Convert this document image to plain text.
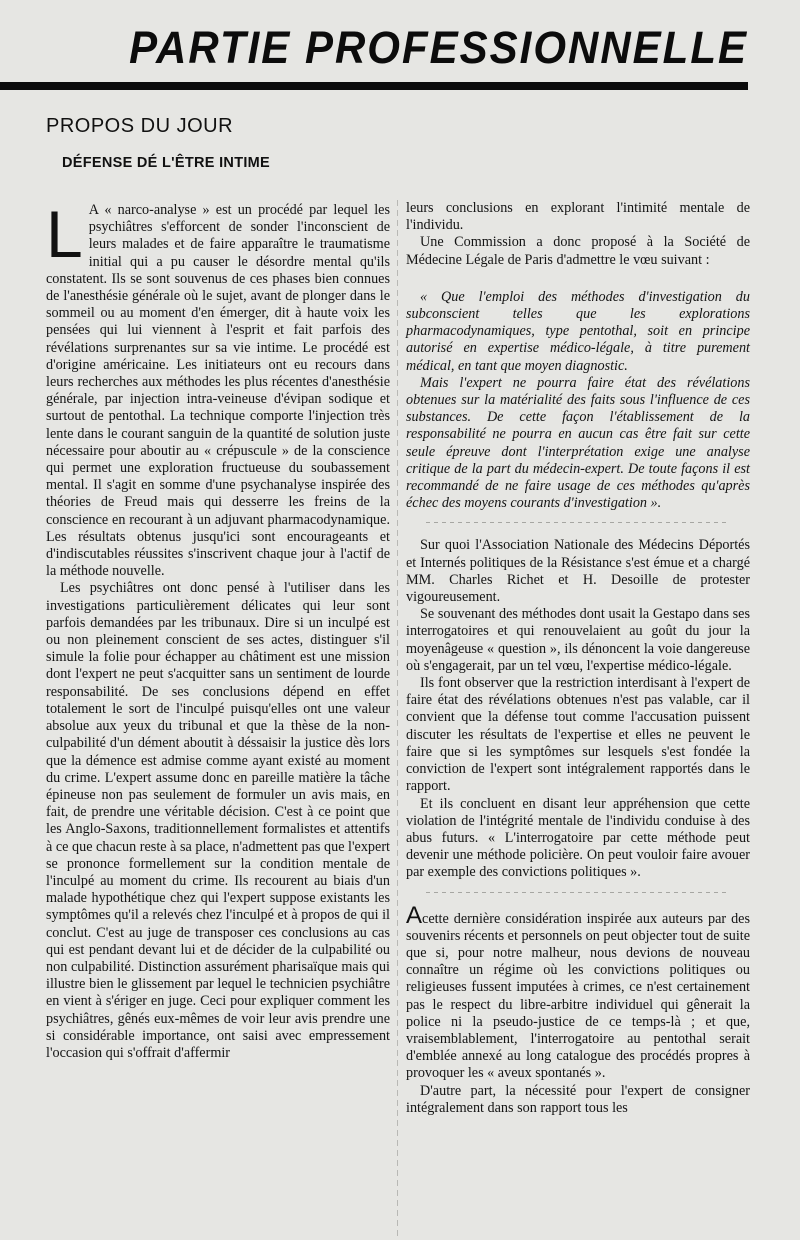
PARTIE PROFESSIONNELLE
PROPOS DU JOUR
DÉFENSE DÉ L'ÊTRE INTIME

L A « narco-analyse » est un procédé par lequel les psychiâtres s'efforcent de sonder l'inconscient de leurs malades et de faire apparaître le traumatisme initial qui a pu causer le désordre mental qu'ils constatent. Ils se sont souvenus de ces phases bien connues de l'anesthésie générale où le sujet, avant de plonger dans le sommeil ou au moment d'en émerger, dit à haute voix les pensées qui lui viennent à l'esprit et fait parfois des révélations surprenantes sur sa vie intime. Le procédé est d'origine américaine. Les initiateurs ont eu recours dans leurs recherches aux méthodes les plus récentes d'anesthésie générale, par injection intra-veineuse d'évipan sodique et surtout de pentothal. La technique comporte l'injection très lente dans le courant sanguin de la quantité de solution juste nécessaire pour aboutir au « crépuscule » de la conscience qui permet une exploration fructueuse du soubassement mental. Il s'agit en somme d'une psychanalyse inspirée des théories de Freud mais qui desserre les freins de la conscience en recourant à un adjuvant pharmacodynamique. Les résultats obtenus jusqu'ici sont encourageants et d'indiscutables réussites s'inscrivent chaque jour à l'actif de la méthode nouvelle.

Les psychiâtres ont donc pensé à l'utiliser dans les investigations particulièrement délicates qui leur sont parfois demandées par les tribunaux. Dire si un inculpé est ou non pleinement conscient de ses actes, distinguer s'il simule la folie pour échapper au châtiment est une mission dont l'expert ne peut s'acquitter sans un sentiment de lourde responsabilité. De ses conclusions dépend en effet totalement le sort de l'inculpé puisqu'elles ont une valeur absolue aux yeux du tribunal et que la thèse de la non-culpabilité d'un dément aboutit à déssaisir la justice dès lors que la démence est admise comme ayant existé au moment du crime. L'expert assume donc en pareille matière la tâche épineuse non pas seulement de formuler un avis mais, en fait, de prendre une véritable décision. C'est à ce point que les Anglo-Saxons, traditionnellement formalistes et attentifs à ce que chacun reste à sa place, n'admettent pas que l'expert se prononce formellement sur la condition mentale de l'inculpé au moment du crime. Ils recourent au biais d'un malade hypothétique chez qui l'expert suppose existants les symptômes qu'il a relevés chez l'inculpé et à propos de qui il conclut. C'est au juge de transposer ces conclusions au cas qui est pendant devant lui et de décider de la culpabilité ou non culpabilité. Distinction assurément pharisaïque mais qui illustre bien le glissement par lequel le technicien psychiâtre en vient à s'ériger en juge. Ceci pour expliquer comment les psychiâtres, gênés eux-mêmes de voir leur avis prendre une si considérable importance, ont saisi avec empressement l'occasion qui s'offrait d'affermir

leurs conclusions en explorant l'intimité mentale de l'individu.

Une Commission a donc proposé à la Société de Médecine Légale de Paris d'admettre le vœu suivant :

« Que l'emploi des méthodes d'investigation du subconscient telles que les explorations pharmacodynamiques, type pentothal, soit en principe autorisé en expertise médico-légale, à titre purement médical, en tant que moyen diagnostic.

Mais l'expert ne pourra faire état des révélations obtenues sur la matérialité des faits sous l'influence de ces substances. De cette façon l'établissement de la responsabilité ne pourra en aucun cas être fait sur cette seule épreuve dont l'interprétation exige une analyse critique de la part du médecin-expert. De toute façons il est recommandé de ne faire usage de ces méthodes qu'après échec des moyens courants d'investigation ».

Sur quoi l'Association Nationale des Médecins Déportés et Internés politiques de la Résistance s'est émue et a chargé MM. Charles Richet et H. Desoille de protester vigoureusement.

Se souvenant des méthodes dont usait la Gestapo dans ses interrogatoires et qui renouvelaient au goût du jour la moyenâgeuse « question », ils dénoncent la voie dangereuse où s'engagerait, par un tel vœu, l'expertise médico-légale.

Ils font observer que la restriction interdisant à l'expert de faire état des révélations obtenues n'est pas valable, car il convient que la défense tout comme l'accusation puissent discuter les résultats de l'expertise et elles ne peuvent le faire que si les symptômes sur lesquels s'est fondée la conviction de l'expert sont intégralement rapportés dans le rapport.

Et ils concluent en disant leur appréhension que cette violation de l'intégrité mentale de l'individu conduise à des abus futurs. « L'interrogatoire par cette méthode peut devenir une méthode policière. On peut vouloir faire avouer par exemple des convictions politiques ».

Acette dernière considération inspirée aux auteurs par des souvenirs récents et personnels on peut objecter tout de suite que si, pour notre malheur, nous devions de nouveau connaître un régime où les convictions politiques ou religieuses fussent imputées à crimes, ce n'est certainement pas le respect du libre-arbitre individuel qui gênerait la police ni la pseudo-justice de ce temps-là ; et que, vraisemblablement, l'interrogatoire au pentothal serait d'emblée annexé au long catalogue des procédés propres à provoquer les « aveux spontanés ».

D'autre part, la nécessité pour l'expert de consigner intégralement dans son rapport tous les
